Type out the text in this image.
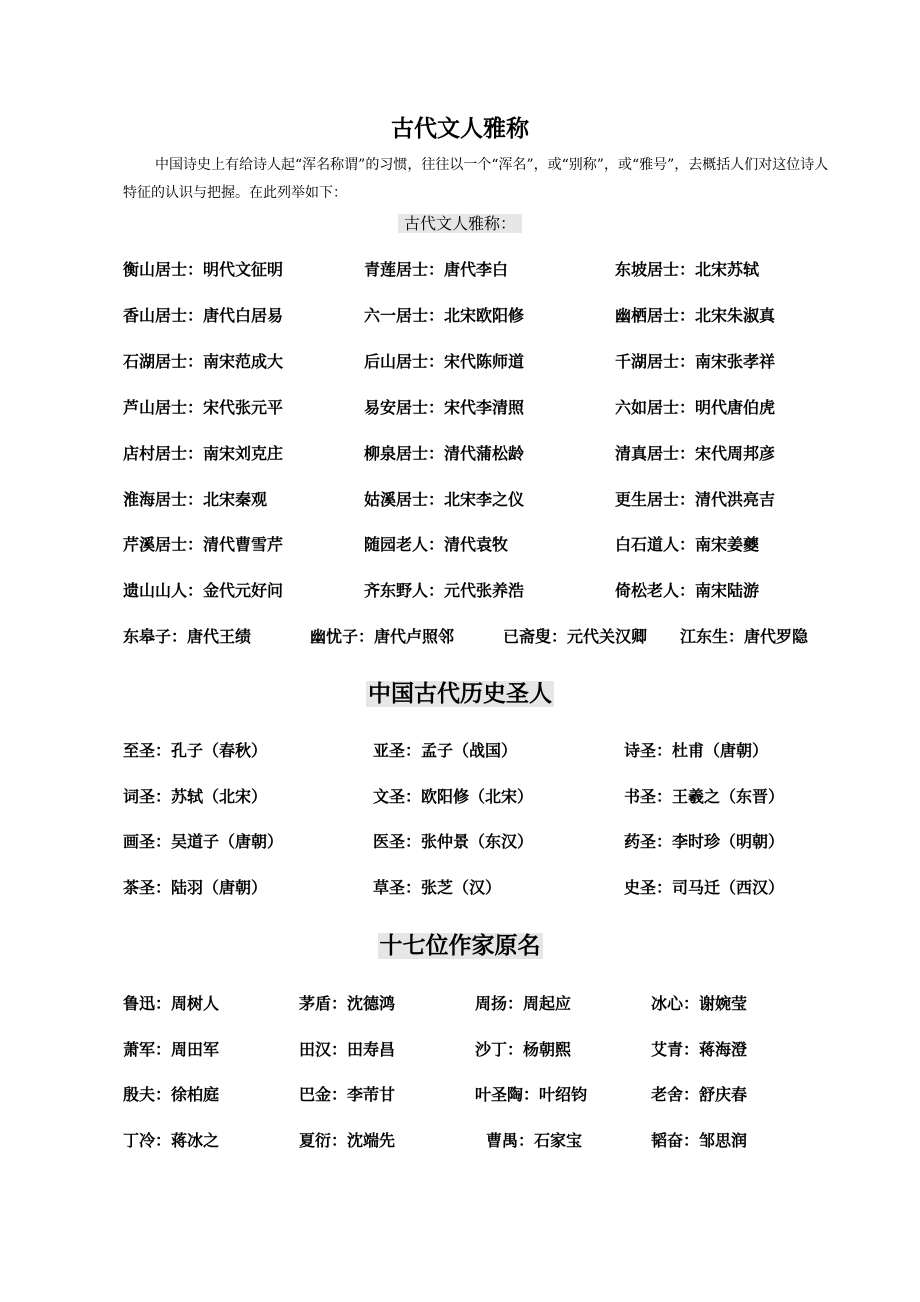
古代文人雅称

中国诗史上有给诗人起“浑名称谓”的习惯，往往以一个“浑名”，或“别称”，或“雅号”，去概括人们对这位诗人特征的认识与把握。在此列举如下：

古代文人雅称：
衡山居士：明代文征明	青莲居士：唐代李白	东坡居士：北宋苏轼
香山居士：唐代白居易	六一居士：北宋欧阳修	幽栖居士：北宋朱淑真
石湖居士：南宋范成大	后山居士：宋代陈师道	千湖居士：南宋张孝祥
芦山居士：宋代张元平	易安居士：宋代李清照	六如居士：明代唐伯虎
店村居士：南宋刘克庄	柳泉居士：清代蒲松龄	清真居士：宋代周邦彦
淮海居士：北宋秦观	姑溪居士：北宋李之仪	更生居士：清代洪亮吉
芹溪居士：清代曹雪芹	随园老人：清代袁牧	白石道人：南宋姜夔
遗山山人：金代元好问	齐东野人：元代张养浩	倚松老人：南宋陆游
东皋子：唐代王绩	幽忧子：唐代卢照邻	已斋叟：元代关汉卿 江东生：唐代罗隐
中国古代历史圣人
至圣：孔子（春秋）	亚圣：孟子（战国）	诗圣：杜甫（唐朝）
词圣：苏轼（北宋）	文圣：欧阳修（北宋）	书圣：王羲之（东晋）
画圣：吴道子（唐朝）	医圣：张仲景（东汉）	药圣：李时珍（明朝）
茶圣：陆羽（唐朝）	草圣：张芝（汉）	史圣：司马迁（西汉）
十七位作家原名
鲁迅：周树人	茅盾：沈德鸿	周扬：周起应	冰心：谢婉莹
萧军：周田军	田汉：田寿昌	沙丁：杨朝熙	艾青：蒋海澄
殷夫：徐柏庭	巴金：李芾甘	叶圣陶：叶绍钧	老舍：舒庆春
丁冷：蒋冰之	夏衍：沈端先	曹禺：石家宝	韬奋：邹思润
